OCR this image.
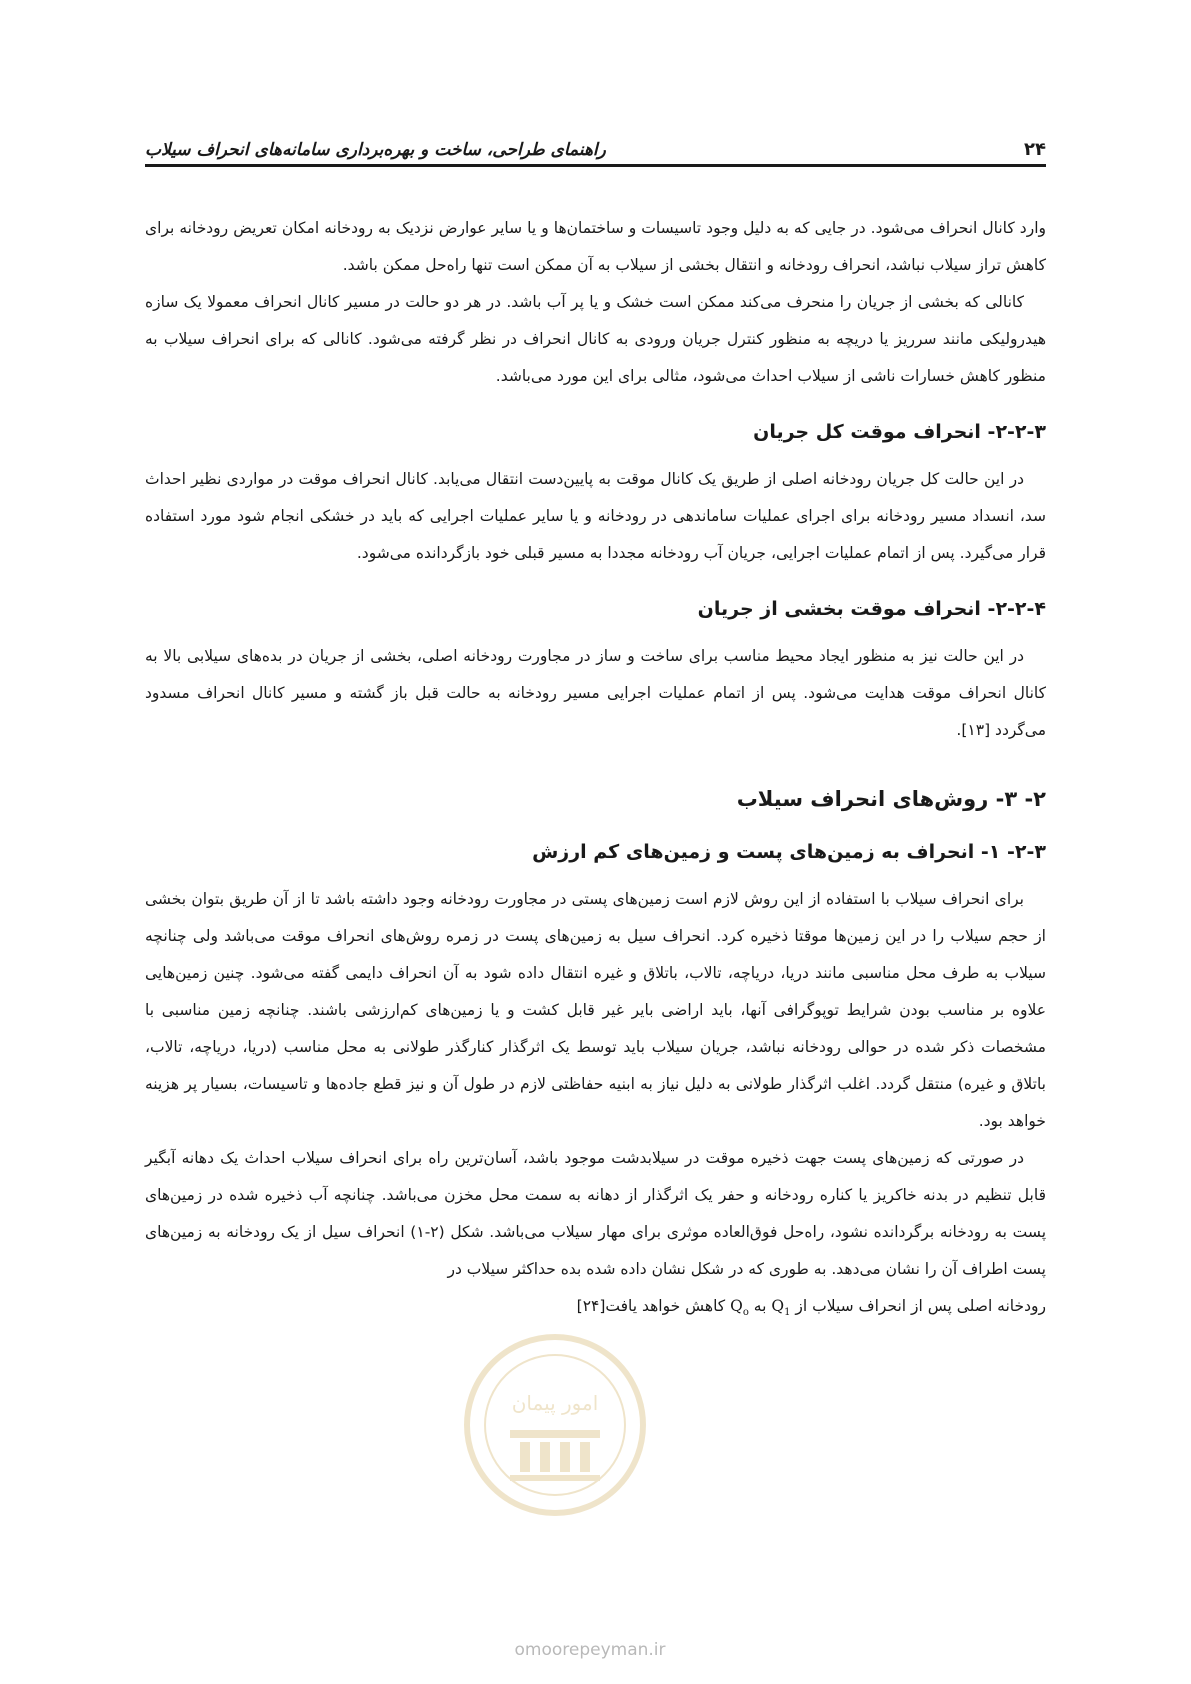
راهنمای طراحی، ساخت و بهره‌برداری سامانه‌های انحراف سیلاب	۲۴

وارد کانال انحراف می‌شود. در جایی که به دلیل وجود تاسیسات و ساختمان‌ها و یا سایر عوارض نزدیک به رودخانه امکان تعریض رودخانه برای کاهش تراز سیلاب نباشد، انحراف رودخانه و انتقال بخشی از سیلاب به آن ممکن است تنها راه‌حل ممکن باشد.

کانالی که بخشی از جریان را منحرف می‌کند ممکن است خشک و یا پر آب باشد. در هر دو حالت در مسیر کانال انحراف معمولا یک سازه هیدرولیکی مانند سرریز یا دریچه به منظور کنترل جریان ورودی به کانال انحراف در نظر گرفته می‌شود. کانالی که برای انحراف سیلاب به منظور کاهش خسارات ناشی از سیلاب احداث می‌شود، مثالی برای این مورد می‌باشد.

۲-۲-۳- انحراف موقت کل جریان

در این حالت کل جریان رودخانه اصلی از طریق یک کانال موقت به پایین‌دست انتقال می‌یابد. کانال انحراف موقت در مواردی نظیر احداث سد، انسداد مسیر رودخانه برای اجرای عملیات ساماندهی در رودخانه و یا سایر عملیات اجرایی که باید در خشکی انجام شود مورد استفاده قرار می‌گیرد. پس از اتمام عملیات اجرایی، جریان آب رودخانه مجددا به مسیر قبلی خود بازگردانده می‌شود.

۲-۲-۴- انحراف موقت بخشی از جریان

در این حالت نیز به منظور ایجاد محیط مناسب برای ساخت و ساز در مجاورت رودخانه اصلی، بخشی از جریان در بده‌های سیلابی بالا به کانال انحراف موقت هدایت می‌شود. پس از اتمام عملیات اجرایی مسیر رودخانه به حالت قبل باز گشته و مسیر کانال انحراف مسدود می‌گردد [۱۳].

۲- ۳- روش‌های انحراف سیلاب
۲-۳- ۱- انحراف به زمین‌های پست و زمین‌های کم ارزش

برای انحراف سیلاب با استفاده از این روش لازم است زمین‌های پستی در مجاورت رودخانه وجود داشته باشد تا از آن طریق بتوان بخشی از حجم سیلاب را در این زمین‌ها موقتا ذخیره کرد. انحراف سیل به زمین‌های پست در زمره روش‌های انحراف موقت می‌باشد ولی چنانچه سیلاب به طرف محل مناسبی مانند دریا، دریاچه، تالاب، باتلاق و غیره انتقال داده شود به آن انحراف دایمی گفته می‌شود. چنین زمین‌هایی علاوه بر مناسب بودن شرایط توپوگرافی آنها، باید اراضی بایر غیر قابل کشت و یا زمین‌های کم‌ارزشی باشند. چنانچه زمین مناسبی با مشخصات ذکر شده در حوالی رودخانه نباشد، جریان سیلاب باید توسط یک اثرگذار کنارگذر طولانی به محل مناسب (دریا، دریاچه، تالاب، باتلاق و غیره) منتقل گردد. اغلب اثرگذار طولانی به دلیل نیاز به ابنیه حفاظتی لازم در طول آن و نیز قطع جاده‌ها و تاسیسات، بسیار پر هزینه خواهد بود.

در صورتی که زمین‌های پست جهت ذخیره موقت در سیلابدشت موجود باشد، آسان‌ترین راه برای انحراف سیلاب احداث یک دهانه آبگیر قابل تنظیم در بدنه خاکریز یا کناره رودخانه و حفر یک اثرگذار از دهانه به سمت محل مخزن می‌باشد. چنانچه آب ذخیره شده در زمین‌های پست به رودخانه برگردانده نشود، راه‌حل فوق‌العاده موثری برای مهار سیلاب می‌باشد. شکل (۲-۱) انحراف سیل از یک رودخانه به زمین‌های پست اطراف آن را نشان می‌دهد. به طوری که در شکل نشان داده شده بده حداکثر سیلاب در

رودخانه اصلی پس از انحراف سیلاب از $Q_1$ به $Q_o$ کاهش خواهد یافت[۲۴]

امور پیمان
omoorepeyman.ir
